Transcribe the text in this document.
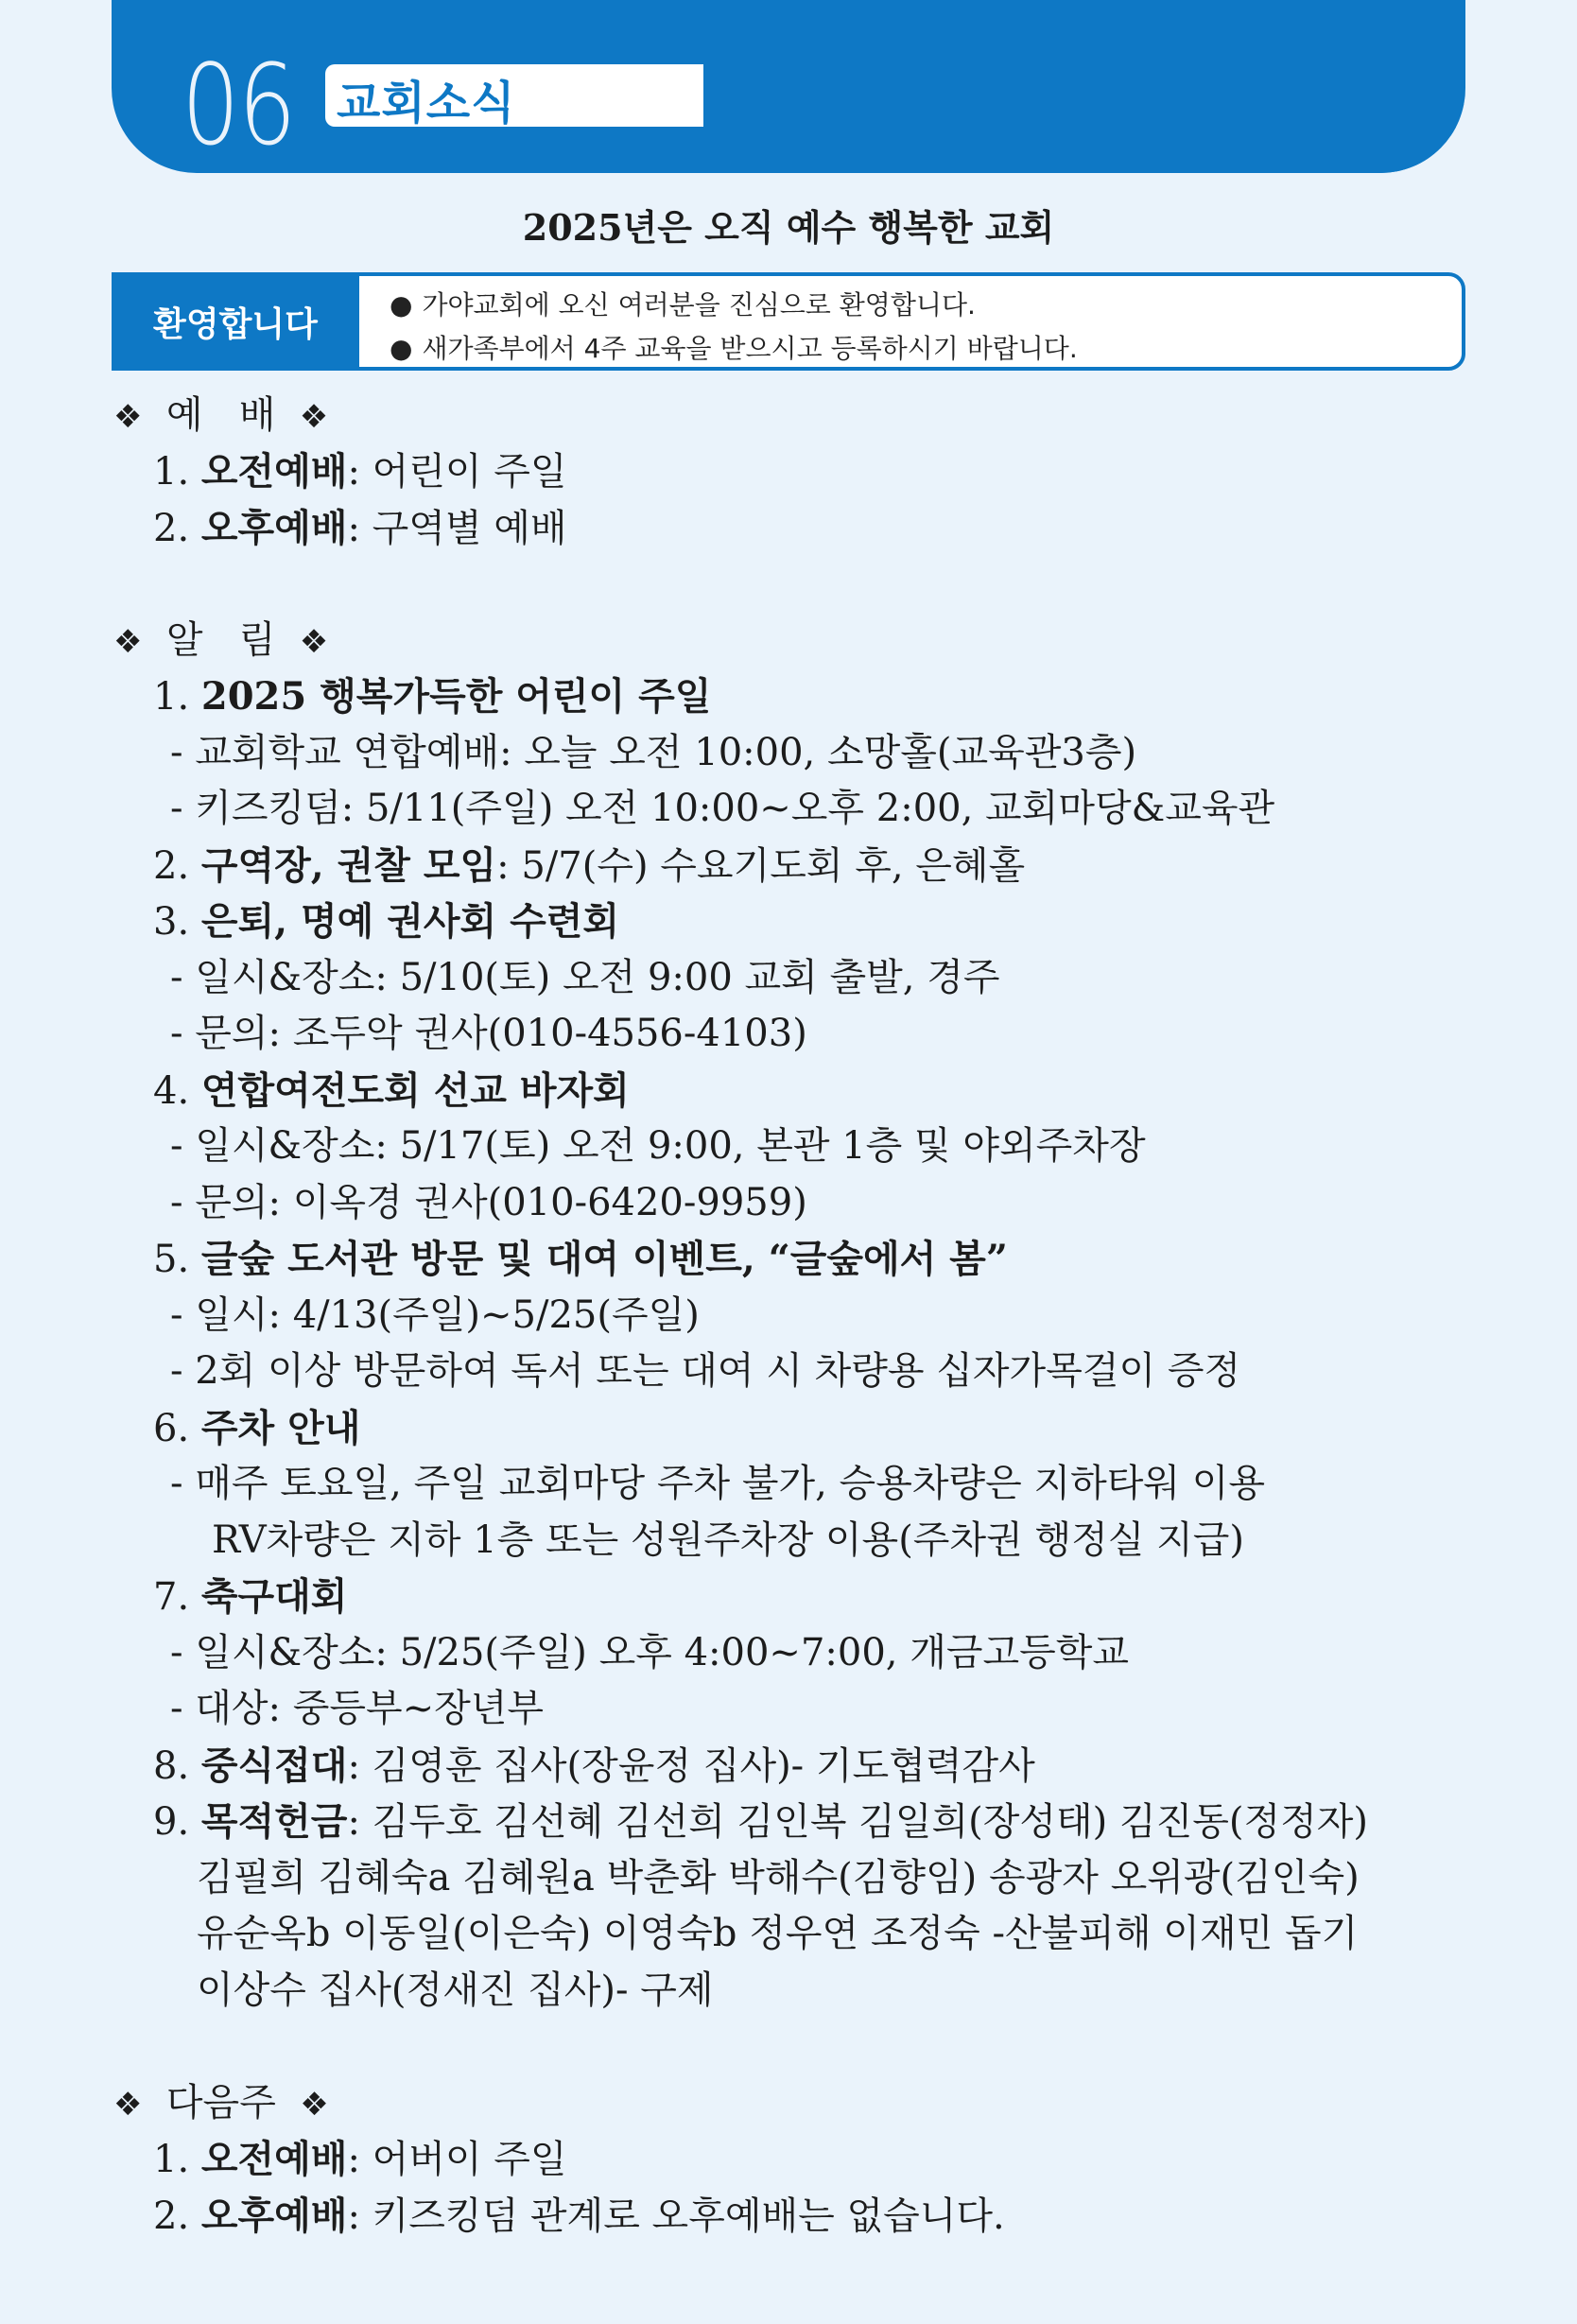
06 교회소식
2025년은 오직 예수 행복한 교회
환영합니다	● 가야교회에 오신 여러분을 진심으로 환영합니다.
● 새가족부에서 4주 교육을 받으시고 등록하시기 바랍니다.
❖ 예   배 ❖
1. 오전예배: 어린이 주일
2. 오후예배: 구역별 예배
❖ 알   림 ❖
1. 2025 행복가득한 어린이 주일
- 교회학교 연합예배: 오늘 오전 10:00, 소망홀(교육관3층)
- 키즈킹덤: 5/11(주일) 오전 10:00~오후 2:00, 교회마당&교육관
2. 구역장, 권찰 모임: 5/7(수) 수요기도회 후, 은혜홀
3. 은퇴, 명예 권사회 수련회
- 일시&장소: 5/10(토) 오전 9:00 교회 출발, 경주
- 문의: 조두악 권사(010-4556-4103)
4. 연합여전도회 선교 바자회
- 일시&장소: 5/17(토) 오전 9:00, 본관 1층 및 야외주차장
- 문의: 이옥경 권사(010-6420-9959)
5. 글숲 도서관 방문 및 대여 이벤트, “글숲에서 봄”
- 일시: 4/13(주일)~5/25(주일)
- 2회 이상 방문하여 독서 또는 대여 시 차량용 십자가목걸이 증정
6. 주차 안내
- 매주 토요일, 주일 교회마당 주차 불가, 승용차량은 지하타워 이용
RV차량은 지하 1층 또는 성원주차장 이용(주차권 행정실 지급)
7. 축구대회
- 일시&장소: 5/25(주일) 오후 4:00~7:00, 개금고등학교
- 대상: 중등부~장년부
8. 중식접대: 김영훈 집사(장윤정 집사)- 기도협력감사
9. 목적헌금: 김두호 김선혜 김선희 김인복 김일희(장성태) 김진동(정정자)
김필희 김혜숙a 김혜원a 박춘화 박해수(김향임) 송광자 오위광(김인숙)
유순옥b 이동일(이은숙) 이영숙b 정우연 조정숙 -산불피해 이재민 돕기
이상수 집사(정새진 집사)- 구제
❖ 다음주 ❖
1. 오전예배: 어버이 주일
2. 오후예배: 키즈킹덤 관계로 오후예배는 없습니다.
